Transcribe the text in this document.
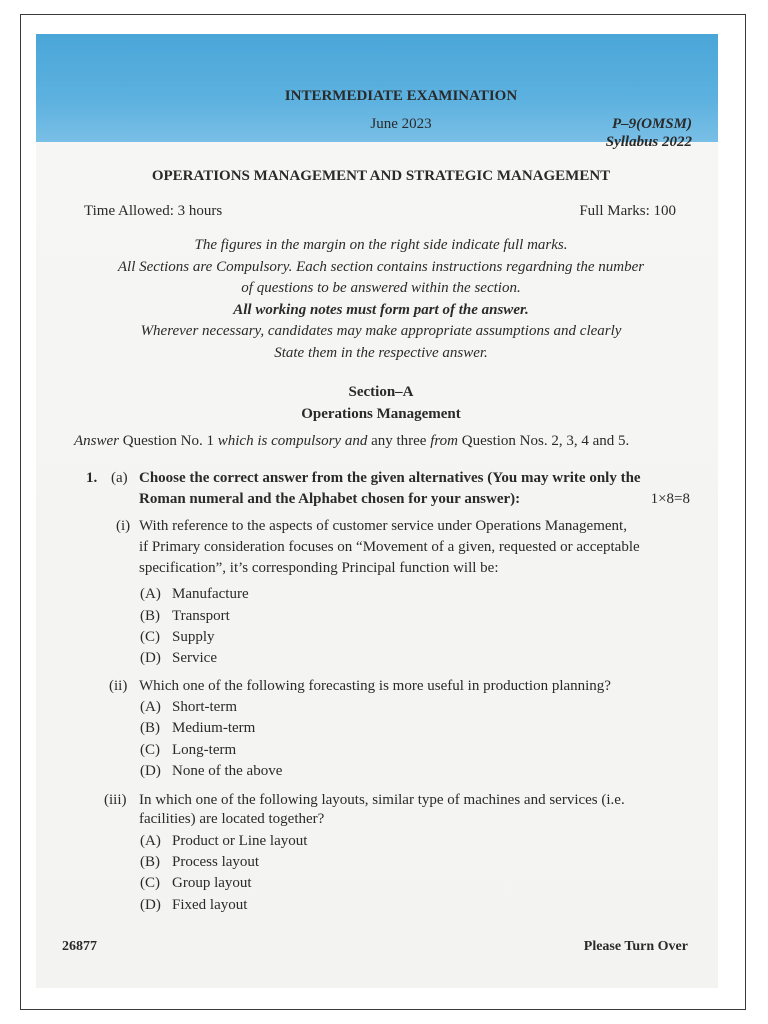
INTERMEDIATE EXAMINATION
June 2023	P–9(OMSM)
Syllabus 2022
OPERATIONS MANAGEMENT AND STRATEGIC MANAGEMENT
Time Allowed: 3 hours	Full Marks: 100
The figures in the margin on the right side indicate full marks.
All Sections are Compulsory. Each section contains instructions regardning the number
of questions to be answered within the section.
All working notes must form part of the answer.
Wherever necessary, candidates may make appropriate assumptions and clearly
State them in the respective answer.
Section–A
Operations Management
Answer Question No. 1 which is compulsory and any three from Question Nos. 2, 3, 4 and 5.
1. (a) Choose the correct answer from the given alternatives (You may write only the
Roman numeral and the Alphabet chosen for your answer):	1×8=8
(i) With reference to the aspects of customer service under Operations Management,
if Primary consideration focuses on “Movement of a given, requested or acceptable
specification”, it’s corresponding Principal function will be:
(A) Manufacture
(B) Transport
(C) Supply
(D) Service
(ii) Which one of the following forecasting is more useful in production planning?
(A) Short-term
(B) Medium-term
(C) Long-term
(D) None of the above
(iii) In which one of the following layouts, similar type of machines and services (i.e.
facilities) are located together?
(A) Product or Line layout
(B) Process layout
(C) Group layout
(D) Fixed layout
26877	Please Turn Over
